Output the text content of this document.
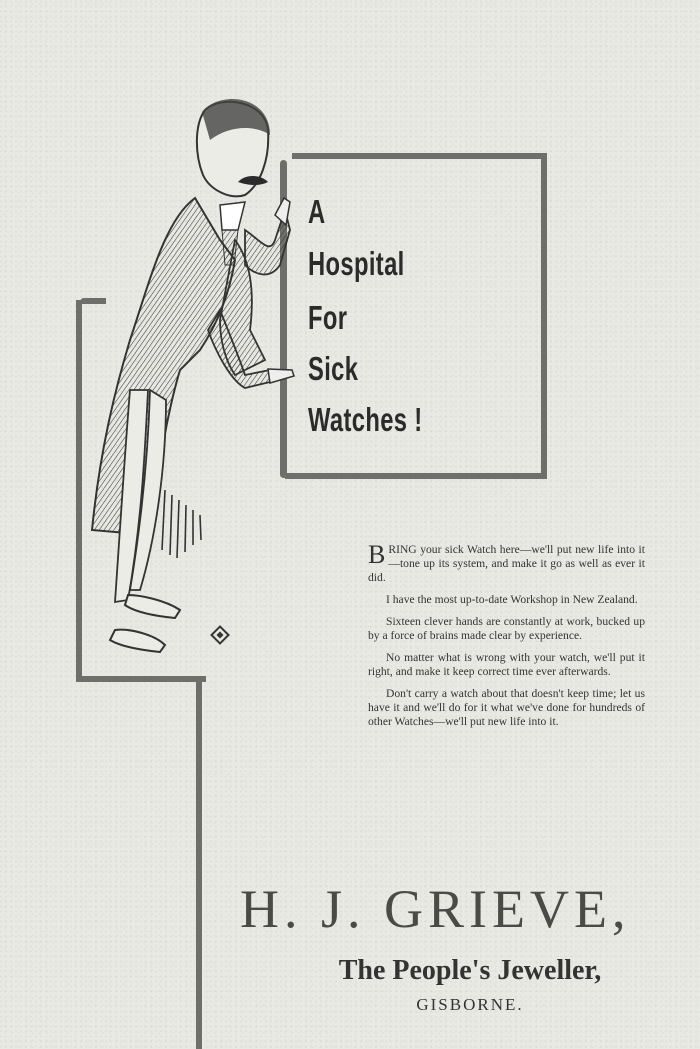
A
Hospital
For
Sick
Watches !

BRING your sick Watch here—we'll put new life into it—tone up its system, and make it go as well as ever it did.

I have the most up-to-date Workshop in New Zealand.

Sixteen clever hands are constantly at work, bucked up by a force of brains made clear by experience.

No matter what is wrong with your watch, we'll put it right, and make it keep correct time ever afterwards.

Don't carry a watch about that doesn't keep time; let us have it and we'll do for it what we've done for hundreds of other Watches—we'll put new life into it.

H. J. GRIEVE,
The People's Jeweller,
GISBORNE.
